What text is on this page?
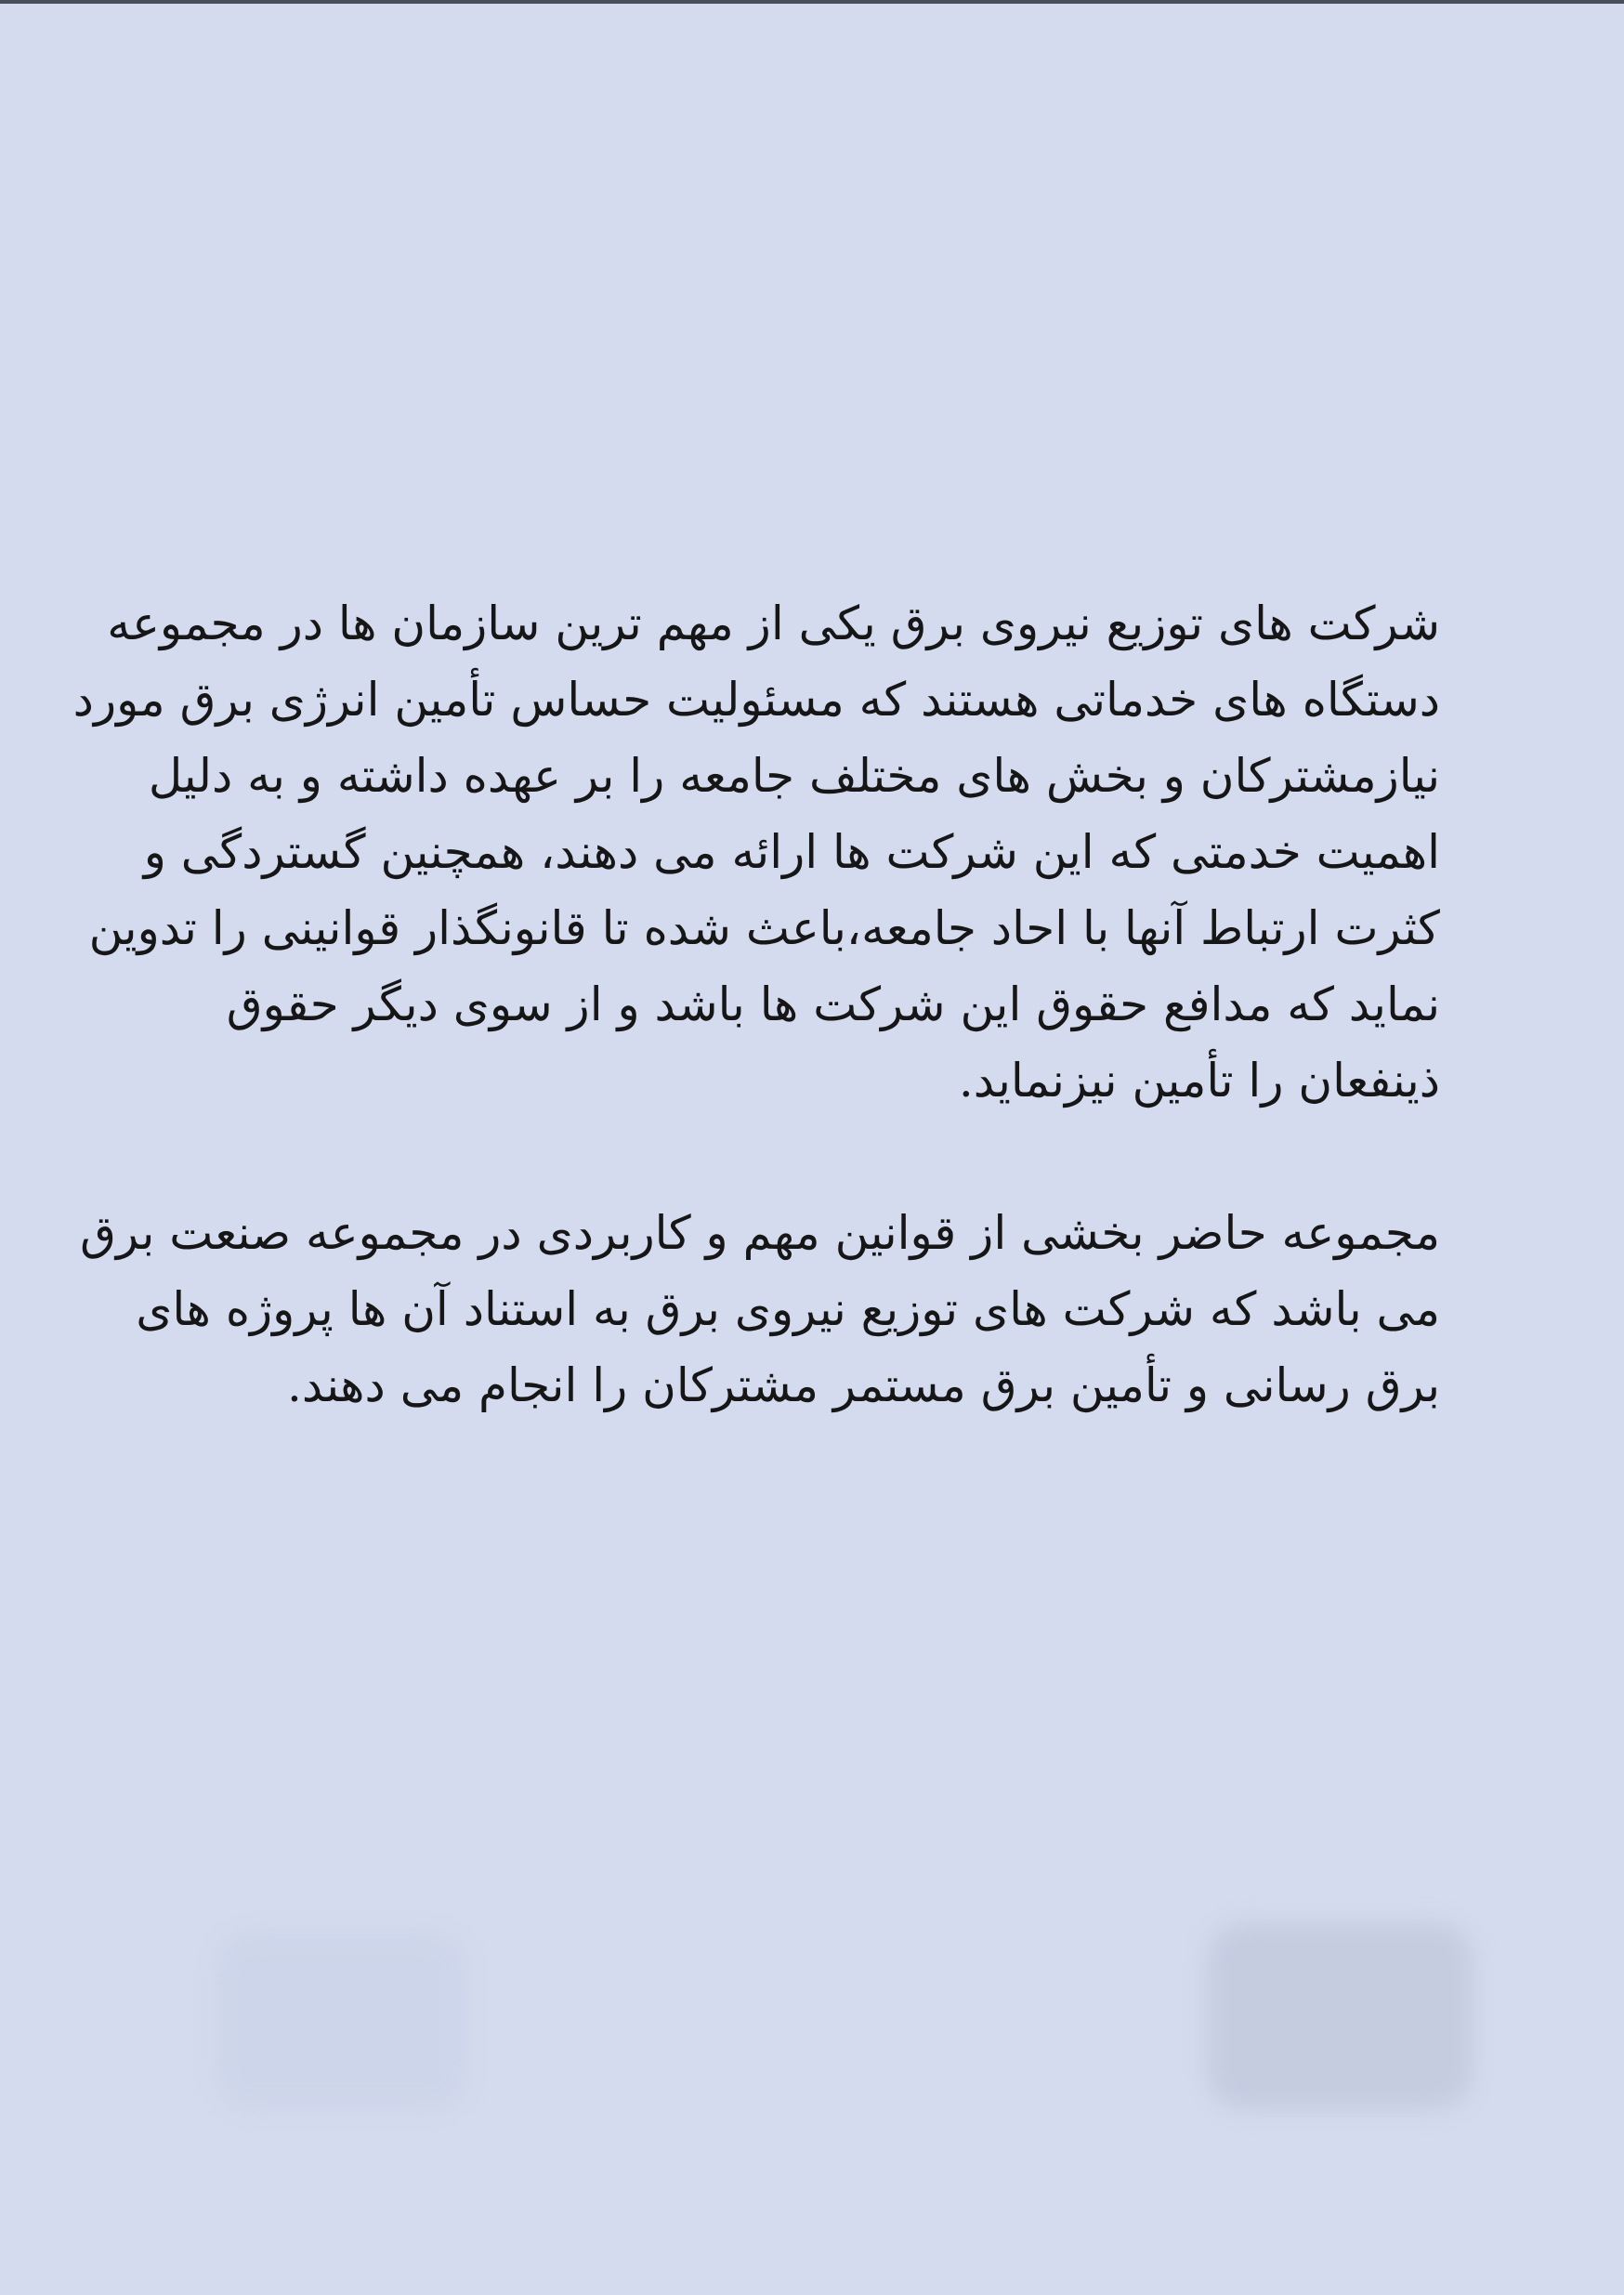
شرکت های توزیع نیروی برق یکی از مهم ترین سازمان ها در مجموعه
دستگاه های خدماتی هستند که مسئولیت حساس تأمین انرژی برق مورد
نیازمشترکان و بخش های مختلف جامعه را بر عهده داشته و به دلیل
اهمیت خدمتی که این شرکت ها ارائه می دهند، همچنین گستردگی و
کثرت ارتباط آنها با احاد جامعه،باعث شده تا قانونگذار قوانینی را تدوین
نماید که مدافع حقوق این شرکت ها باشد و از سوی دیگر حقوق
ذینفعان را تأمین نیزنماید.

مجموعه حاضر بخشی از قوانین مهم و کاربردی در مجموعه صنعت برق
می باشد که شرکت های توزیع نیروی برق به استناد آن ها پروژه های
برق رسانی و تأمین برق مستمر مشترکان را انجام می دهند.
